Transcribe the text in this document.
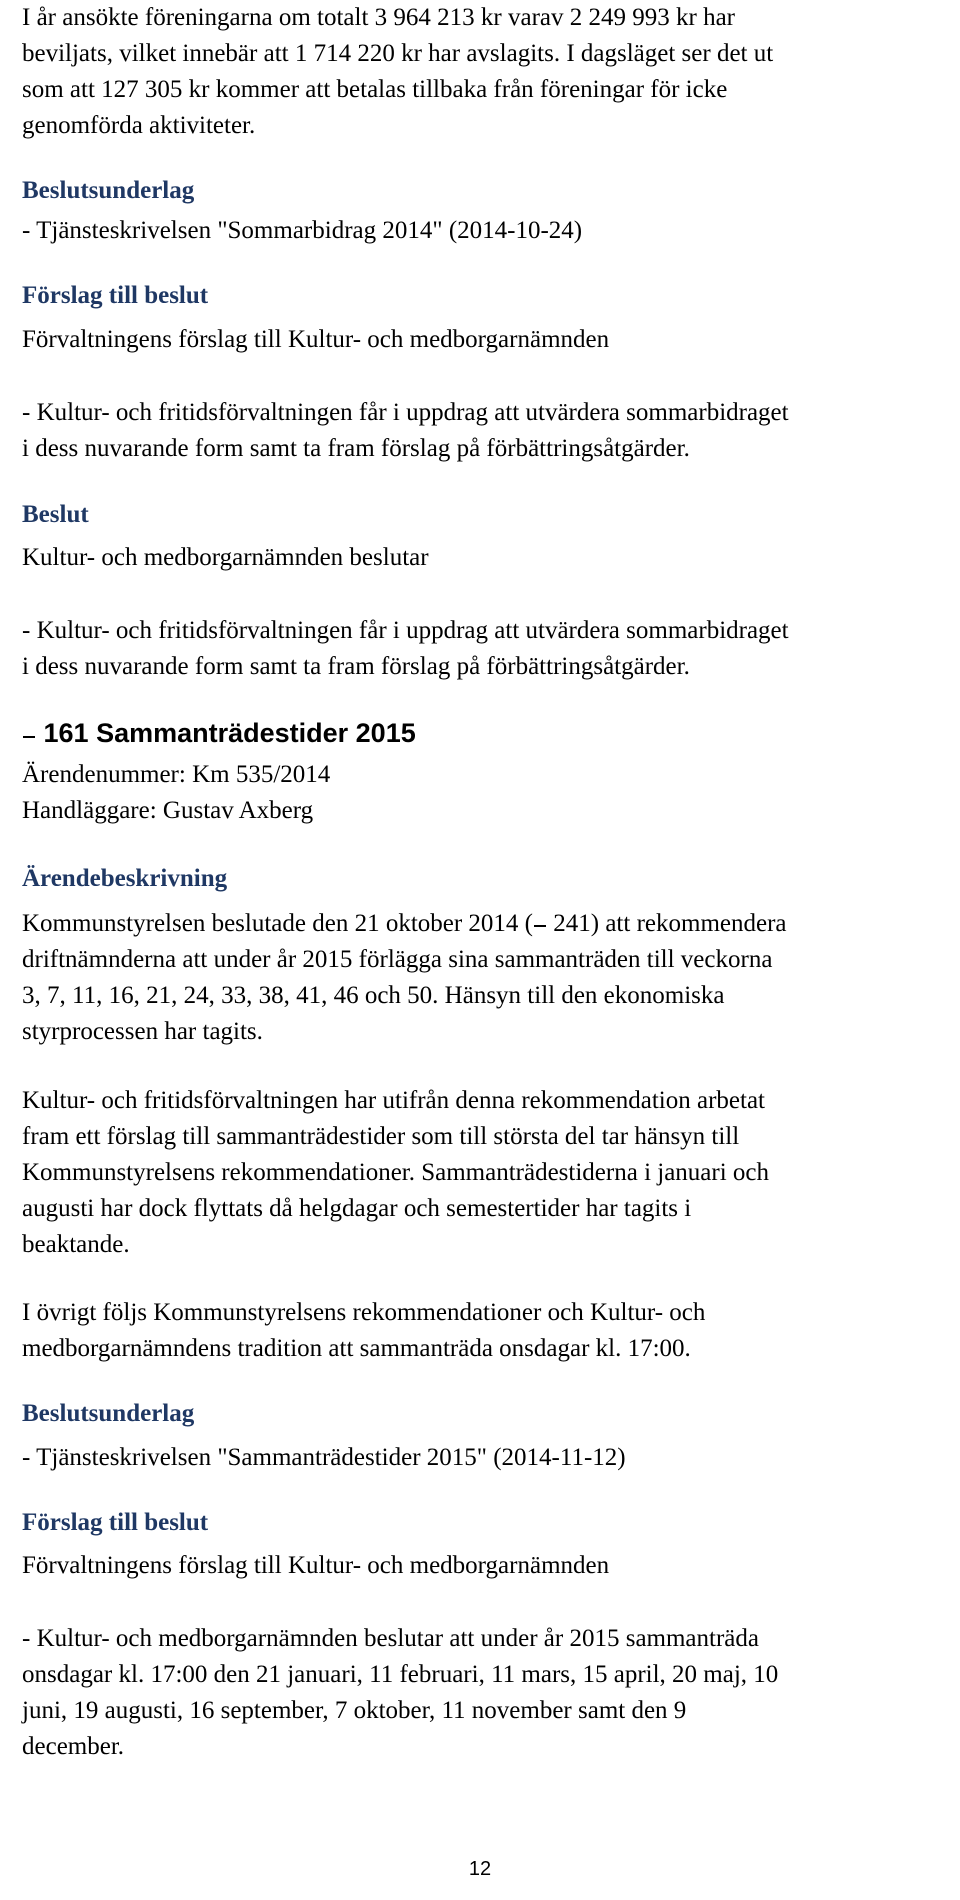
I år ansökte föreningarna om totalt 3 964 213 kr varav 2 249 993 kr har
beviljats, vilket innebär att 1 714 220 kr har avslagits. I dagsläget ser det ut
som att 127 305 kr kommer att betalas tillbaka från föreningar för icke
genomförda aktiviteter.
Beslutsunderlag
- Tjänsteskrivelsen "Sommarbidrag 2014" (2014-10-24)
Förslag till beslut
Förvaltningens förslag till Kultur- och medborgarnämnden
- Kultur- och fritidsförvaltningen får i uppdrag att utvärdera sommarbidraget
i dess nuvarande form samt ta fram förslag på förbättringsåtgärder.
Beslut
Kultur- och medborgarnämnden beslutar
- Kultur- och fritidsförvaltningen får i uppdrag att utvärdera sommarbidraget
i dess nuvarande form samt ta fram förslag på förbättringsåtgärder.
161 Sammanträdestider 2015
Ärendenummer: Km 535/2014
Handläggare: Gustav Axberg
Ärendebeskrivning
Kommunstyrelsen beslutade den 21 oktober 2014 ( 241) att rekommendera
driftnämnderna att under år 2015 förlägga sina sammanträden till veckorna
3, 7, 11, 16, 21, 24, 33, 38, 41, 46 och 50. Hänsyn till den ekonomiska
styrprocessen har tagits.
Kultur- och fritidsförvaltningen har utifrån denna rekommendation arbetat
fram ett förslag till sammanträdestider som till största del tar hänsyn till
Kommunstyrelsens rekommendationer. Sammanträdestiderna i januari och
augusti har dock flyttats då helgdagar och semestertider har tagits i
beaktande.
I övrigt följs Kommunstyrelsens rekommendationer och Kultur- och
medborgarnämndens tradition att sammanträda onsdagar kl. 17:00.
Beslutsunderlag
- Tjänsteskrivelsen "Sammanträdestider 2015" (2014-11-12)
Förslag till beslut
Förvaltningens förslag till Kultur- och medborgarnämnden
- Kultur- och medborgarnämnden beslutar att under år 2015 sammanträda
onsdagar kl. 17:00 den 21 januari, 11 februari, 11 mars, 15 april, 20 maj, 10
juni, 19 augusti, 16 september, 7 oktober, 11 november samt den 9
december.
12
